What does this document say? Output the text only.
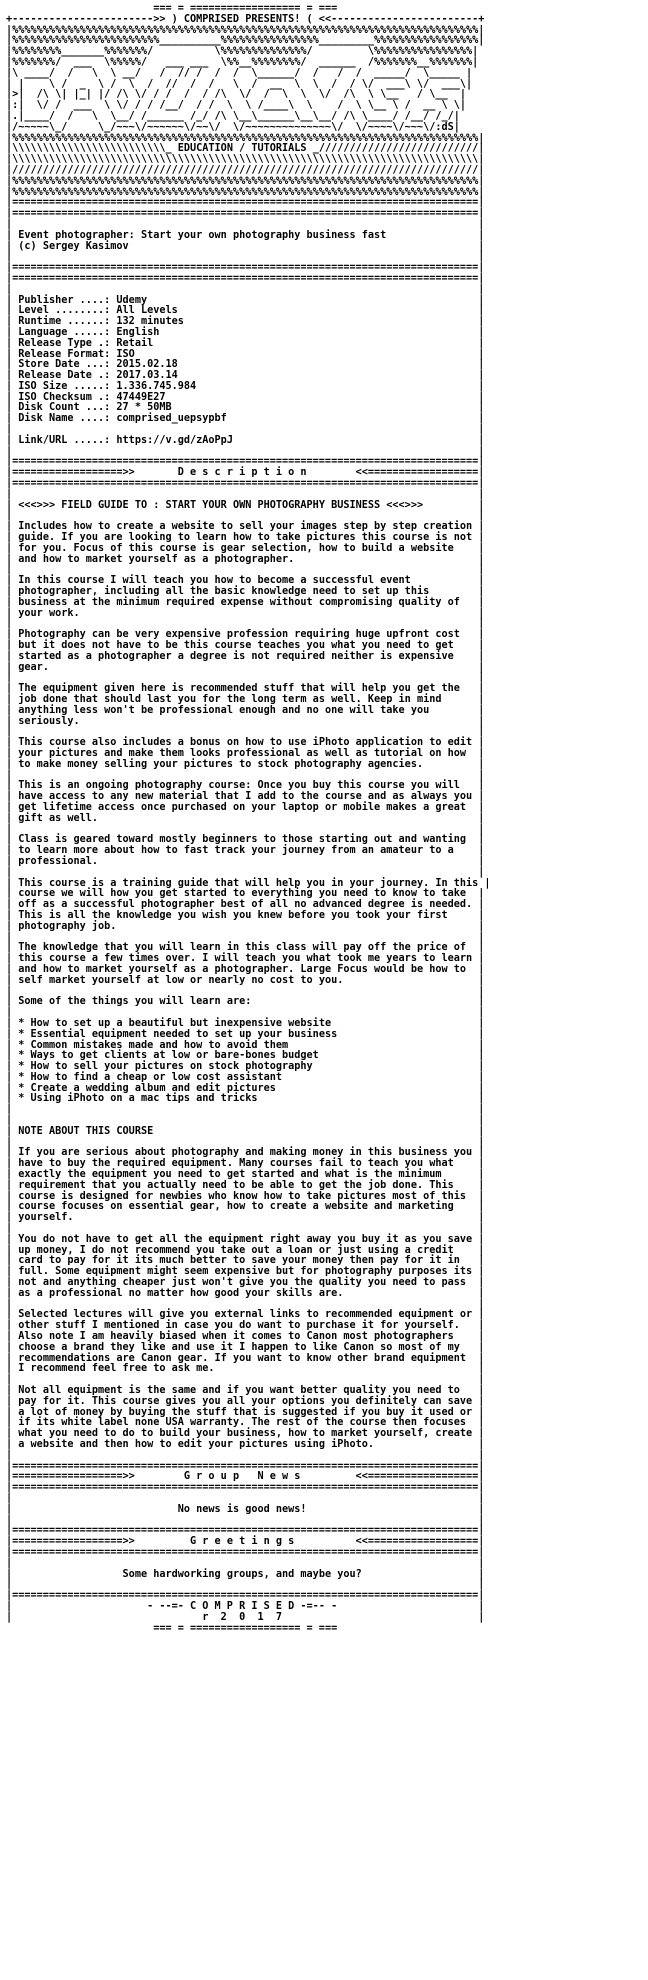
=== = ================== = ===
+----------------------->> ) COMPRISED PRESENTS! ( <<------------------------+
|%%%%%%%%%%%%%%%%%%%%%%%%%%%%%%%%%%%%%%%%%%%%%%%%%%%%%%%%%%%%%%%%%%%%%%%%%%%%|
|%%%%%%%%%%%%%%%%%%%%%%%%__________%%%%%%%%%%%%%%%%_________%%%%%%%%%%%%%%%%%|
|%%%%%%%%_______%%%%%%%/          \%%%%%%%%%%%%%%/         \%%%%%%%%%%%%%%%%|
|%%%%%%%/  ___  \%%%%%/   ___ ___  \%%__%%%%%%%%/  ______  /%%%%%%%__%%%%%%%|
|\ ____/  /   \  \ __/   /  // /  /  /  \______/  /   /  /  _____/  \_____ |
| |    \ /  _  \ /  \  /  //  /  /   \  /  __  \  \  /  / \/  ___\ \/  ___\|
|>|  /\ \| |_| |/ /\ \/ / /  /  / /\  \/  /  \  \  \/  /\  \ \__   / \__  |
|:|  \/ /  ___  \ \/ / / /__/  / /  \  \ /____\  \    /  \ \__ \ /  __ \ \|
|.|____/  /   \  \__/ /______ /_/ /\ \__\______\__\__/ /\ \____/ /__/ /_/|
|/~~~~~\_/     \_/~~~\/~~~~~~\/~~\/  \/~~~~~~~~~~~~~~\/  \/~~~~\/~~~\/:dS|
|%%%%%%%%%%%%%%%%%%%%%%%%%%%%%%%%%%%%%%%%%%%%%%%%%%%%%%%%%%%%%%%%%%%%%%%%%%%%|
|\\\\\\\\\\\\\\\\\\\\\\\\\_ EDUCATION / TUTORIALS _//////////////////////////|
|\\\\\\\\\\\\\\\\\\\\\\\\\\\\\\\\\\\\\\\\\\\\\\\\\\\\\\\\\\\\\\\\\\\\\\\\\\\\|
|////////////////////////////////////////////////////////////////////////////|
|%%%%%%%%%%%%%%%%%%%%%%%%%%%%%%%%%%%%%%%%%%%%%%%%%%%%%%%%%%%%%%%%%%%%%%%%%%%%|
|%%%%%%%%%%%%%%%%%%%%%%%%%%%%%%%%%%%%%%%%%%%%%%%%%%%%%%%%%%%%%%%%%%%%%%%%%%%%|
|============================================================================|
|============================================================================|
|                                                                            |
| Event photographer: Start your own photography business fast               |
| (c) Sergey Kasimov                                                         |
|                                                                            |
|============================================================================|
|============================================================================|
|                                                                            |
| Publisher ....: Udemy                                                      |
| Level ........: All Levels                                                 |
| Runtime ......: 132 minutes                                                |
| Language .....: English                                                    |
| Release Type .: Retail                                                     |
| Release Format: ISO                                                        |
| Store Date ...: 2015.02.18                                                 |
| Release Date .: 2017.03.14                                                 |
| ISO Size .....: 1.336.745.984                                              |
| ISO Checksum .: 47449E27                                                   |
| Disk Count ...: 27 * 50MB                                                  |
| Disk Name ....: comprised_uepsypbf                                         |
|                                                                            |
| Link/URL .....: https://v.gd/zAoPpJ                                        |
|                                                                            |
|============================================================================|
|==================>>       D e s c r i p t i o n        <<==================|
|============================================================================|
|                                                                            |
| <<<>>> FIELD GUIDE TO : START YOUR OWN PHOTOGRAPHY BUSINESS <<<>>>         |
|                                                                            |
| Includes how to create a website to sell your images step by step creation |
| guide. If you are looking to learn how to take pictures this course is not |
| for you. Focus of this course is gear selection, how to build a website    |
| and how to market yourself as a photographer.                              |
|                                                                            |
| In this course I will teach you how to become a successful event           |
| photographer, including all the basic knowledge need to set up this        |
| business at the minimum required expense without compromising quality of   |
| your work.                                                                 |
|                                                                            |
| Photography can be very expensive profession requiring huge upfront cost   |
| but it does not have to be this course teaches you what you need to get    |
| started as a photographer a degree is not required neither is expensive    |
| gear.                                                                      |
|                                                                            |
| The equipment given here is recommended stuff that will help you get the   |
| job done that should last you for the long term as well. Keep in mind      |
| anything less won't be professional enough and no one will take you        |
| seriously.                                                                 |
|                                                                            |
| This course also includes a bonus on how to use iPhoto application to edit |
| your pictures and make them looks professional as well as tutorial on how  |
| to make money selling your pictures to stock photography agencies.         |
|                                                                            |
| This is an ongoing photography course: Once you buy this course you will   |
| have access to any new material that I add to the course and as always you |
| get lifetime access once purchased on your laptop or mobile makes a great  |
| gift as well.                                                              |
|                                                                            |
| Class is geared toward mostly beginners to those starting out and wanting  |
| to learn more about how to fast track your journey from an amateur to a    |
| professional.                                                              |
|                                                                            |
| This course is a training guide that will help you in your journey. In this |
| course we will how you get started to everything you need to know to take  |
| off as a successful photographer best of all no advanced degree is needed. |
| This is all the knowledge you wish you knew before you took your first     |
| photography job.                                                           |
|                                                                            |
| The knowledge that you will learn in this class will pay off the price of  |
| this course a few times over. I will teach you what took me years to learn |
| and how to market yourself as a photographer. Large Focus would be how to  |
| self market yourself at low or nearly no cost to you.                      |
|                                                                            |
| Some of the things you will learn are:                                     |
|                                                                            |
| * How to set up a beautiful but inexpensive website                        |
| * Essential equipment needed to set up your business                       |
| * Common mistakes made and how to avoid them                               |
| * Ways to get clients at low or bare-bones budget                          |
| * How to sell your pictures on stock photography                           |
| * How to find a cheap or low cost assistant                                |
| * Create a wedding album and edit pictures                                 |
| * Using iPhoto on a mac tips and tricks                                    |
|                                                                            |
|                                                                            |
| NOTE ABOUT THIS COURSE                                                     |
|                                                                            |
| If you are serious about photography and making money in this business you |
| have to buy the required equipment. Many courses fail to teach you what    |
| exactly the equipment you need to get started and what is the minimum      |
| requirement that you actually need to be able to get the job done. This    |
| course is designed for newbies who know how to take pictures most of this  |
| course focuses on essential gear, how to create a website and marketing    |
| yourself.                                                                  |
|                                                                            |
| You do not have to get all the equipment right away you buy it as you save |
| up money, I do not recommend you take out a loan or just using a credit    |
| card to pay for it its much better to save your money then pay for it in   |
| full. Some equipment might seem expensive but for photography purposes its |
| not and anything cheaper just won't give you the quality you need to pass  |
| as a professional no matter how good your skills are.                      |
|                                                                            |
| Selected lectures will give you external links to recommended equipment or |
| other stuff I mentioned in case you do want to purchase it for yourself.   |
| Also note I am heavily biased when it comes to Canon most photographers    |
| choose a brand they like and use it I happen to like Canon so most of my   |
| recommendations are Canon gear. If you want to know other brand equipment  |
| I recommend feel free to ask me.                                           |
|                                                                            |
| Not all equipment is the same and if you want better quality you need to   |
| pay for it. This course gives you all your options you definitely can save |
| a lot of money by buying the stuff that is suggested if you buy it used or |
| if its white label none USA warranty. The rest of the course then focuses  |
| what you need to do to build your business, how to market yourself, create |
| a website and then how to edit your pictures using iPhoto.                 |
|                                                                            |
|============================================================================|
|==================>>        G r o u p   N e w s         <<==================|
|============================================================================|
|                                                                            |
|                           No news is good news!                            |
|                                                                            |
|============================================================================|
|==================>>         G r e e t i n g s          <<==================|
|============================================================================|
|                                                                            |
|                  Some hardworking groups, and maybe you?                   |
|                                                                            |
|============================================================================|
|                      - --=- C O M P R I S E D -=-- -                       |
|                               r  2  0  1  7                                |
=== = ================== = ===
